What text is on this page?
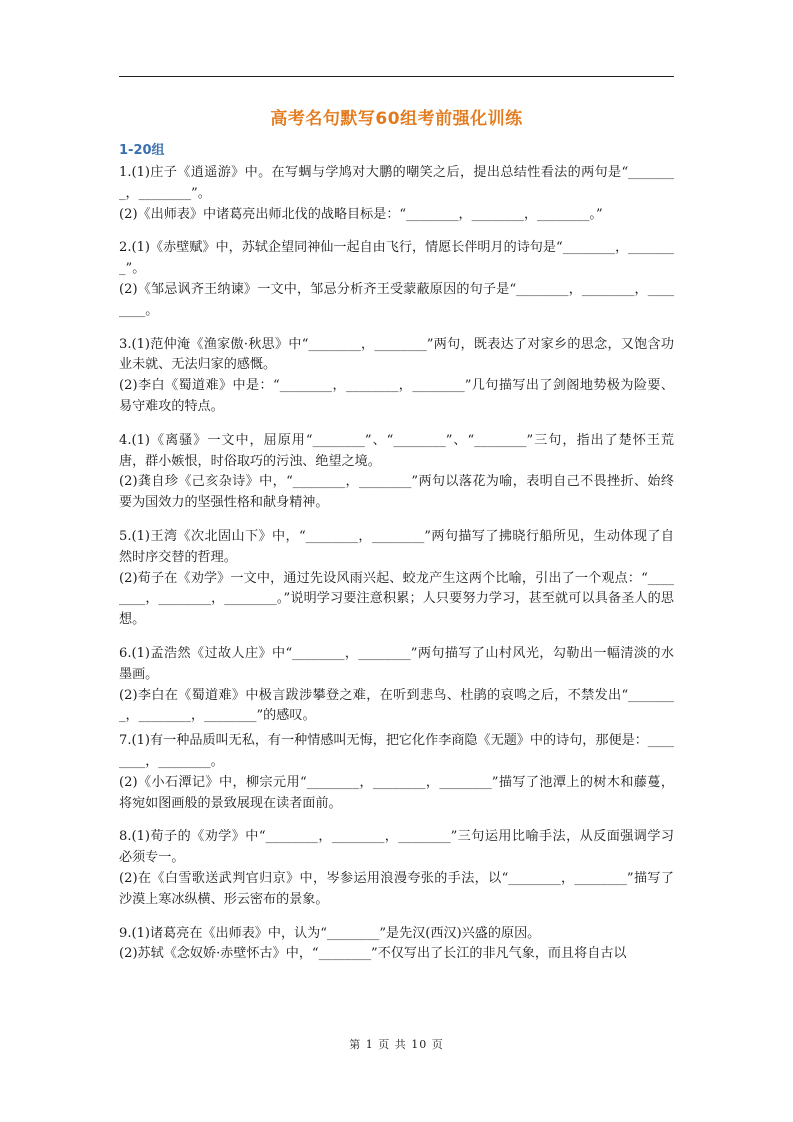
高考名句默写60组考前强化训练
1-20组
1.(1)庄子《逍遥游》中。在写蜩与学鸠对大鹏的嘲笑之后，提出总结性看法的两句是“________，________”。
(2)《出师表》中诸葛亮出师北伐的战略目标是：“________，________，________。”
2.(1)《赤壁赋》中，苏轼企望同神仙一起自由飞行，情愿长伴明月的诗句是“________，________”。
(2)《邹忌讽齐王纳谏》一文中，邹忌分析齐王受蒙蔽原因的句子是“________，________，________。
3.(1)范仲淹《渔家傲·秋思》中“________，________”两句，既表达了对家乡的思念，又饱含功业未就、无法归家的感慨。
(2)李白《蜀道难》中是：“________，________，________”几句描写出了剑阁地势极为险要、易守难攻的特点。
4.(1)《离骚》一文中，屈原用“________”、“________”、“________”三句，指出了楚怀王荒唐，群小嫉恨，时俗取巧的污浊、绝望之境。
(2)龚自珍《己亥杂诗》中，“________，________”两句以落花为喻，表明自己不畏挫折、始终要为国效力的坚强性格和献身精神。
5.(1)王湾《次北固山下》中，“________，________”两句描写了拂晓行船所见，生动体现了自然时序交替的哲理。
(2)荀子在《劝学》一文中，通过先设风雨兴起、蛟龙产生这两个比喻，引出了一个观点：“________，________，________。”说明学习要注意积累；人只要努力学习，甚至就可以具备圣人的思想。
6.(1)孟浩然《过故人庄》中“________，________”两句描写了山村风光，勾勒出一幅清淡的水墨画。
(2)李白在《蜀道难》中极言跋涉攀登之难，在听到悲鸟、杜鹃的哀鸣之后，不禁发出“________，________，________”的感叹。
7.(1)有一种品质叫无私，有一种情感叫无悔，把它化作李商隐《无题》中的诗句，那便是：________，________。
(2)《小石潭记》中，柳宗元用“________，________，________”描写了池潭上的树木和藤蔓，将宛如图画般的景致展现在读者面前。
8.(1)荀子的《劝学》中“________，________，________”三句运用比喻手法，从反面强调学习必须专一。
(2)在《白雪歌送武判官归京》中，岑参运用浪漫夸张的手法，以“________，________”描写了沙漠上寒冰纵横、形云密布的景象。
9.(1)诸葛亮在《出师表》中，认为“________”是先汉(西汉)兴盛的原因。
(2)苏轼《念奴娇·赤壁怀古》中，“________”不仅写出了长江的非凡气象，而且将自古以
第 1 页 共 10 页
